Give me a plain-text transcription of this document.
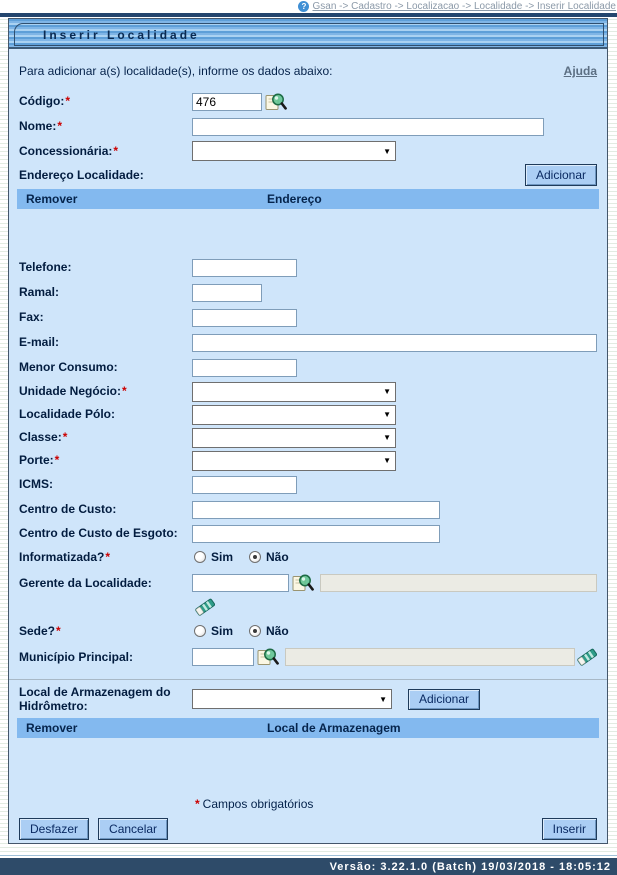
? Gsan -> Cadastro -> Localizacao -> Localidade -> Inserir Localidade
Inserir Localidade
Para adicionar a(s) localidade(s), informe os dados abaixo:	Ajuda
Código:*
476
Nome:*
Concessionária:*	▼
Endereço Localidade:	Adicionar
Remover	Endereço
Telefone:
Ramal:
Fax:
E-mail:
Menor Consumo:
Unidade Negócio:*	▼
Localidade Pólo:	▼
Classe:*	▼
Porte:*	▼
ICMS:
Centro de Custo:
Centro de Custo de Esgoto:
Informatizada?*	Sim	Não
Gerente da Localidade:
Sede?*	Sim	Não
Município Principal:
Local de Armazenagem do Hidrômetro:	▼	Adicionar
Remover	Local de Armazenagem
* Campos obrigatórios
Desfazer	Cancelar	Inserir
Versão: 3.22.1.0 (Batch) 19/03/2018 - 18:05:12
